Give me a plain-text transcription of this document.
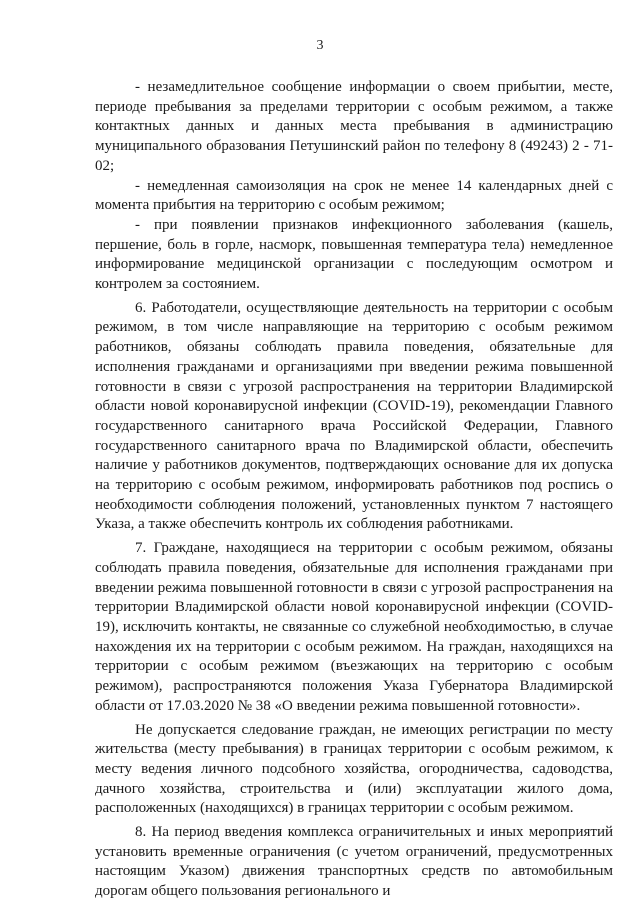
3

- незамедлительное сообщение информации о своем прибытии, месте, периоде пребывания за пределами территории с особым режимом, а также контактных данных и данных места пребывания в администрацию муниципального образования Петушинский район по телефону 8 (49243) 2 - 71-02;

- немедленная самоизоляция на срок не менее 14 календарных дней с момента прибытия на территорию с особым режимом;

- при появлении признаков инфекционного заболевания (кашель, першение, боль в горле, насморк, повышенная температура тела) немедленное информирование медицинской организации с последующим осмотром и контролем за состоянием.

6. Работодатели, осуществляющие деятельность на территории с особым режимом, в том числе направляющие на территорию с особым режимом работников, обязаны соблюдать правила поведения, обязательные для исполнения гражданами и организациями при введении режима повышенной готовности в связи с угрозой распространения на территории Владимирской области новой коронавирусной инфекции (COVID-19), рекомендации Главного государственного санитарного врача Российской Федерации, Главного государственного санитарного врача по Владимирской области, обеспечить наличие у работников документов, подтверждающих основание для их допуска на территорию с особым режимом, информировать работников под роспись о необходимости соблюдения положений, установленных пунктом 7 настоящего Указа, а также обеспечить контроль их соблюдения работниками.

7. Граждане, находящиеся на территории с особым режимом, обязаны соблюдать правила поведения, обязательные для исполнения гражданами при введении режима повышенной готовности в связи с угрозой распространения на территории Владимирской области новой коронавирусной инфекции (COVID-19), исключить контакты, не связанные со служебной необходимостью, в случае нахождения их на территории с особым режимом. На граждан, находящихся на территории с особым режимом (въезжающих на территорию с особым режимом), распространяются положения Указа Губернатора Владимирской области от 17.03.2020 № 38 «О введении режима повышенной готовности».

Не допускается следование граждан, не имеющих регистрации по месту жительства (месту пребывания) в границах территории с особым режимом, к месту ведения личного подсобного хозяйства, огородничества, садоводства, дачного хозяйства, строительства и (или) эксплуатации жилого дома, расположенных (находящихся) в границах территории с особым режимом.

8. На период введения комплекса ограничительных и иных мероприятий установить временные ограничения (с учетом ограничений, предусмотренных настоящим Указом) движения транспортных средств по автомобильным дорогам общего пользования регионального и
